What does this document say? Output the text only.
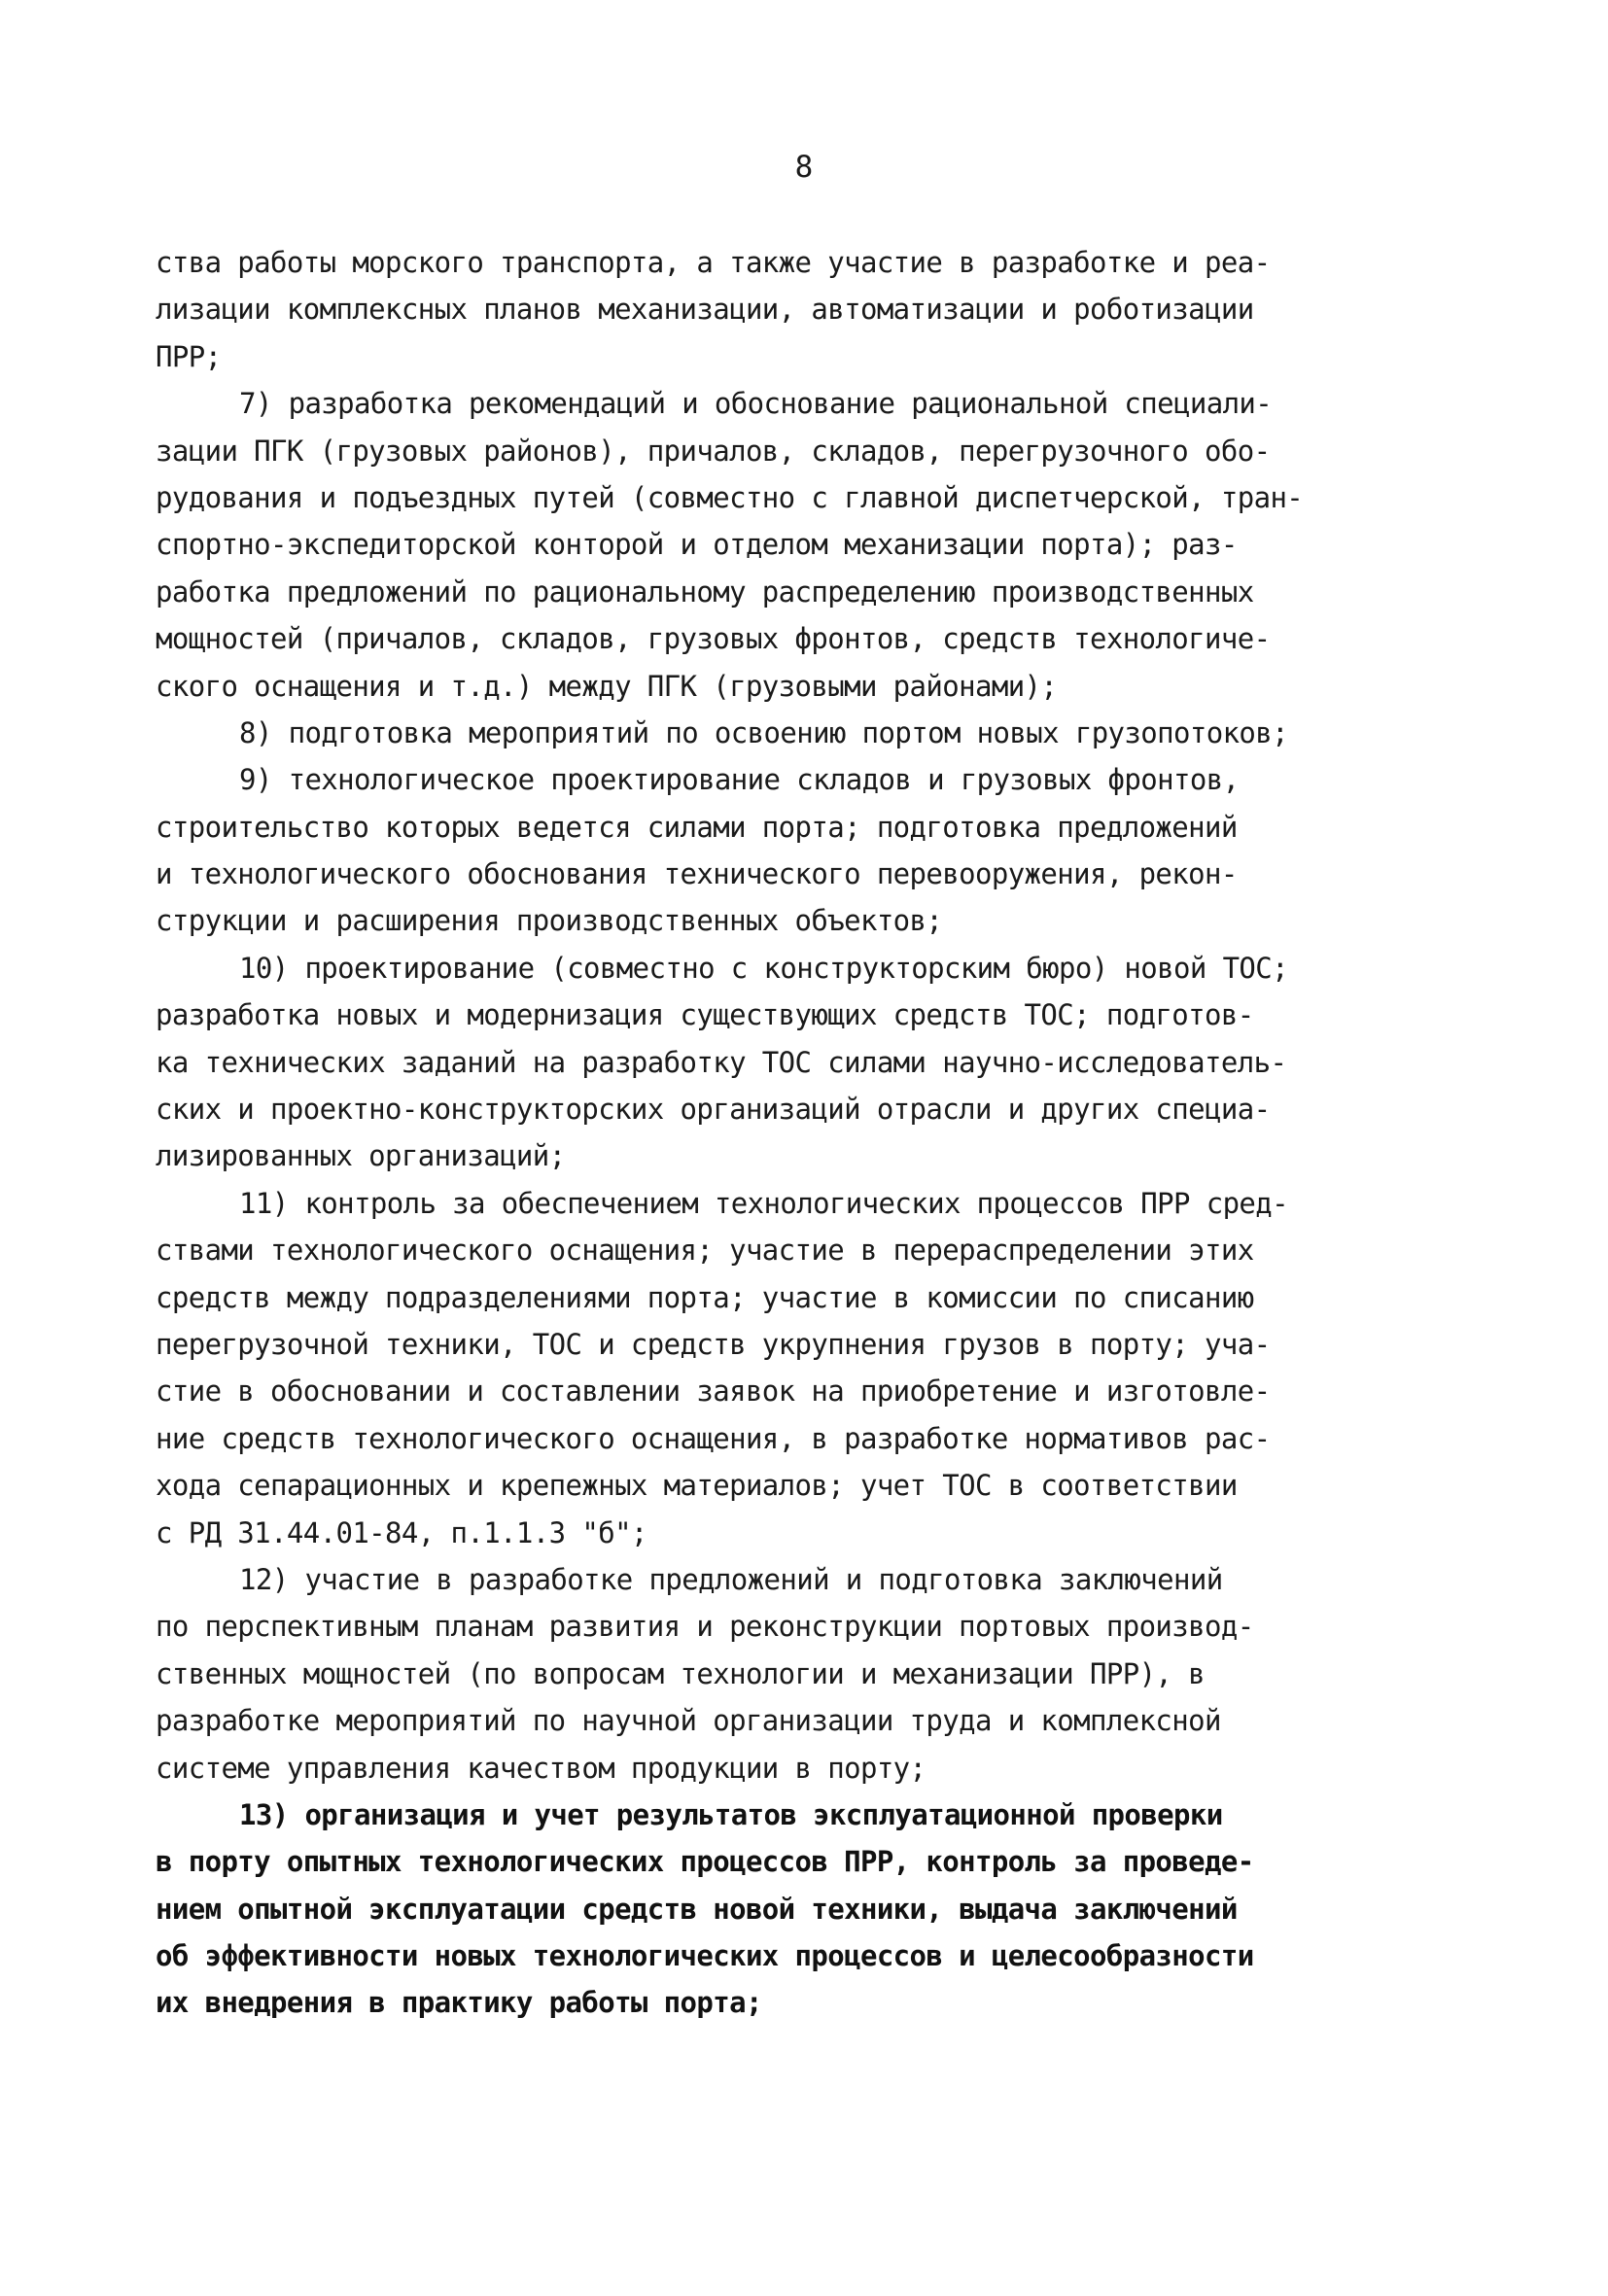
8
ства работы морского транспорта, а также участие в разработке и реа-
лизации комплексных планов механизации, автоматизации и роботизации
ПРР;
7) разработка рекомендаций и обоснование рациональной специали-
зации ПГК (грузовых районов), причалов, складов, перегрузочного обо-
рудования и подъездных путей (совместно с главной диспетчерской, тран-
спортно-экспедиторской конторой и отделом механизации порта); раз-
работка предложений по рациональному распределению производственных
мощностей (причалов, складов, грузовых фронтов, средств технологиче-
ского оснащения и т.д.) между ПГК (грузовыми районами);
8) подготовка мероприятий по освоению портом новых грузопотоков;
9) технологическое проектирование складов и грузовых фронтов,
строительство которых ведется силами порта; подготовка предложений
и технологического обоснования технического перевооружения, рекон-
струкции и расширения производственных объектов;
10) проектирование (совместно с конструкторским бюро) новой ТОС;
разработка новых и модернизация существующих средств ТОС; подготов-
ка технических заданий на разработку ТОС силами научно-исследователь-
ских и проектно-конструкторских организаций отрасли и других специа-
лизированных организаций;
11) контроль за обеспечением технологических процессов ПРР сред-
ствами технологического оснащения; участие в перераспределении этих
средств между подразделениями порта; участие в комиссии по списанию
перегрузочной техники, ТОС и средств укрупнения грузов в порту; уча-
стие в обосновании и составлении заявок на приобретение и изготовле-
ние средств технологического оснащения, в разработке нормативов рас-
хода сепарационных и крепежных материалов; учет ТОС в соответствии
с РД 31.44.01-84, п.1.1.3 "б";
12) участие в разработке предложений и подготовка заключений
по перспективным планам развития и реконструкции портовых производ-
ственных мощностей (по вопросам технологии и механизации ПРР), в
разработке мероприятий по научной организации труда и комплексной
системе управления качеством продукции в порту;
13) организация и учет результатов эксплуатационной проверки
в порту опытных технологических процессов ПРР, контроль за проведе-
нием опытной эксплуатации средств новой техники, выдача заключений
об эффективности новых технологических процессов и целесообразности
их внедрения в практику работы порта;
